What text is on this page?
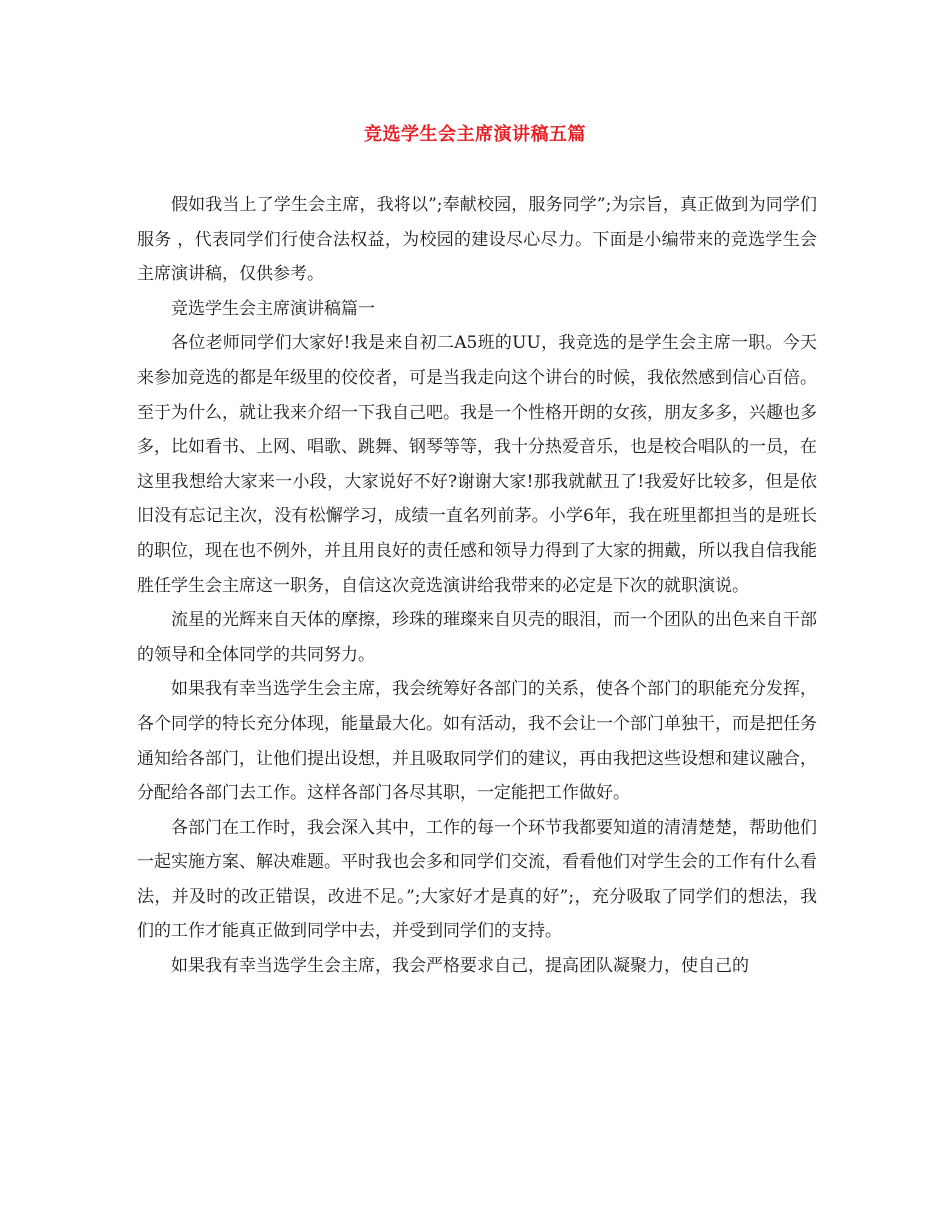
竞选学生会主席演讲稿五篇

假如我当上了学生会主席，我将以”;奉献校园，服务同学”;为宗旨，真正做到为同学们服务 ，代表同学们行使合法权益，为校园的建设尽心尽力。下面是小编带来的竞选学生会主席演讲稿，仅供参考。

竞选学生会主席演讲稿篇一

各位老师同学们大家好!我是来自初二A5班的UU，我竞选的是学生会主席一职。今天来参加竞选的都是年级里的佼佼者，可是当我走向这个讲台的时候，我依然感到信心百倍。至于为什么，就让我来介绍一下我自己吧。我是一个性格开朗的女孩，朋友多多，兴趣也多多，比如看书、上网、唱歌、跳舞、钢琴等等，我十分热爱音乐，也是校合唱队的一员，在这里我想给大家来一小段，大家说好不好?谢谢大家!那我就献丑了!我爱好比较多，但是依旧没有忘记主次，没有松懈学习，成绩一直名列前茅。小学6年，我在班里都担当的是班长的职位，现在也不例外，并且用良好的责任感和领导力得到了大家的拥戴，所以我自信我能胜任学生会主席这一职务，自信这次竞选演讲给我带来的必定是下次的就职演说。

流星的光辉来自天体的摩擦，珍珠的璀璨来自贝壳的眼泪，而一个团队的出色来自干部的领导和全体同学的共同努力。

如果我有幸当选学生会主席，我会统筹好各部门的关系，使各个部门的职能充分发挥，各个同学的特长充分体现，能量最大化。如有活动，我不会让一个部门单独干，而是把任务通知给各部门，让他们提出设想，并且吸取同学们的建议，再由我把这些设想和建议融合，分配给各部门去工作。这样各部门各尽其职，一定能把工作做好。

各部门在工作时，我会深入其中，工作的每一个环节我都要知道的清清楚楚，帮助他们一起实施方案、解决难题。平时我也会多和同学们交流，看看他们对学生会的工作有什么看法，并及时的改正错误，改进不足。”;大家好才是真的好”;，充分吸取了同学们的想法，我们的工作才能真正做到同学中去，并受到同学们的支持。

如果我有幸当选学生会主席，我会严格要求自己，提高团队凝聚力，使自己的
